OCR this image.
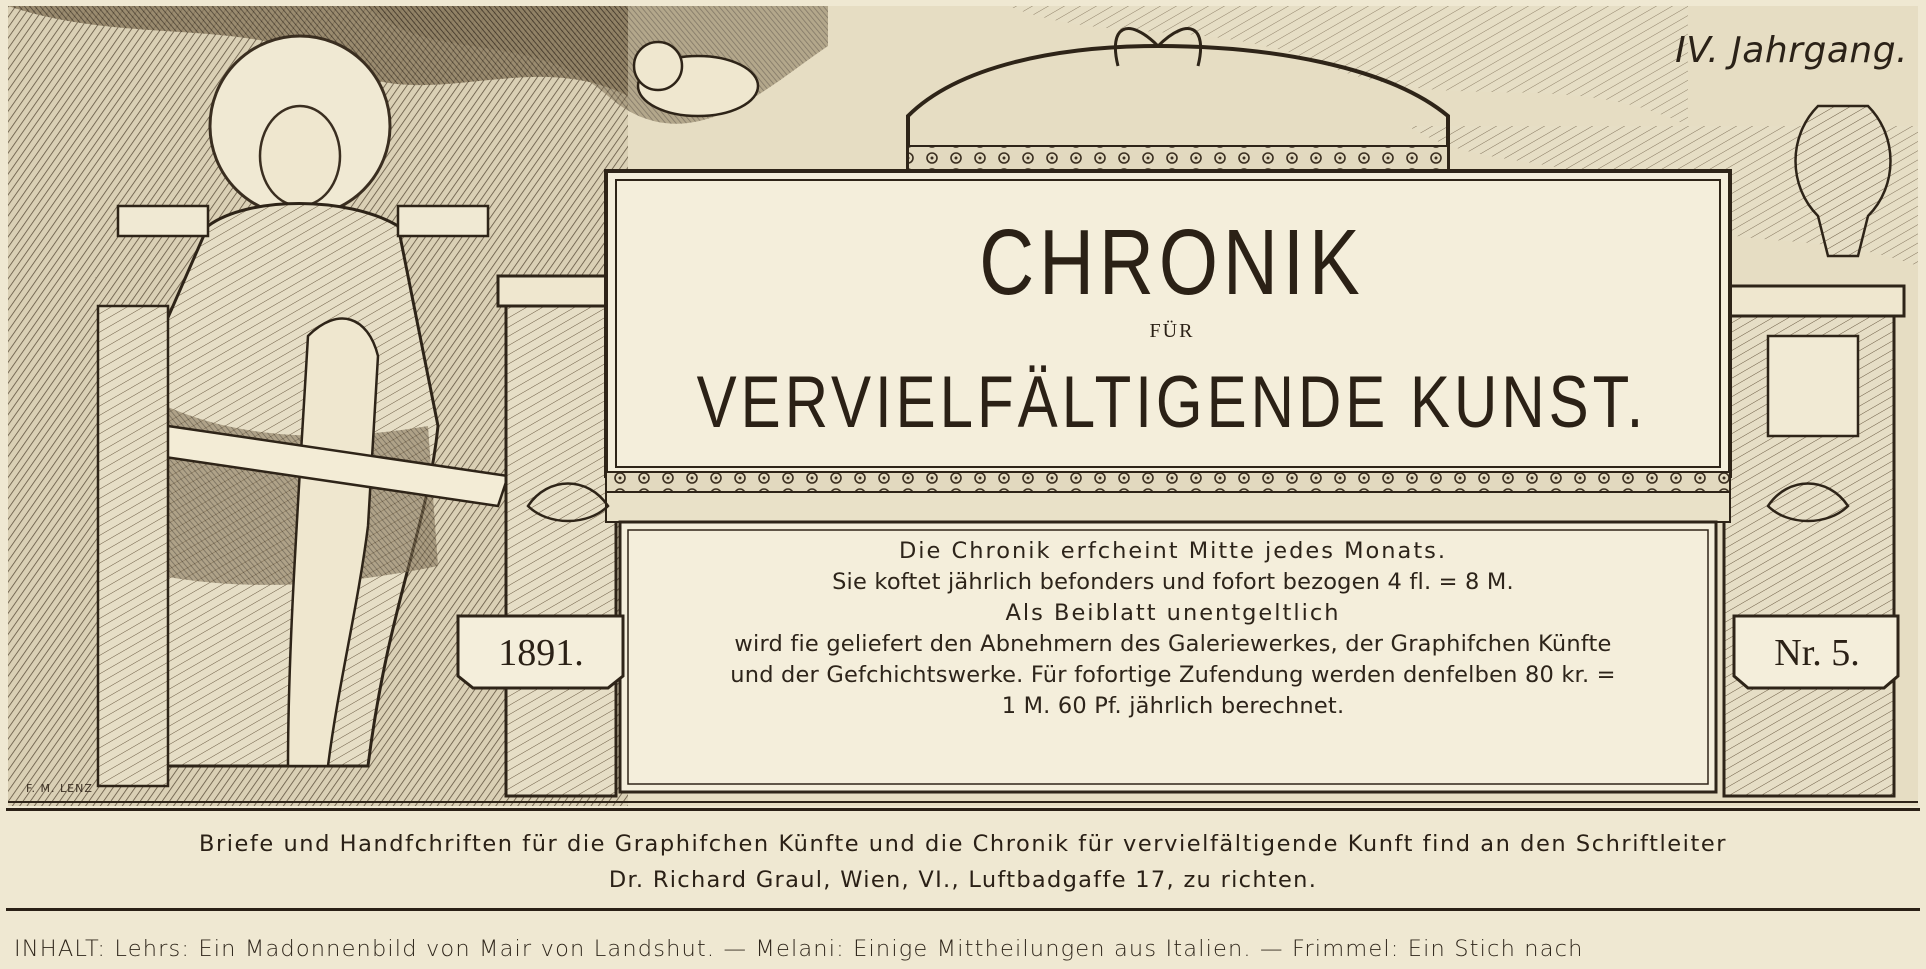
IV. Jahrgang.
CHRONIK
FÜR
VERVIELFÄLTIGENDE KUNST.
1891.	Nr. 5.
Die Chronik erfcheint Mitte jedes Monats.
Sie koftet jährlich befonders und fofort bezogen 4 fl. = 8 M.
Als Beiblatt unentgeltlich
wird fie geliefert den Abnehmern des Galeriewerkes, der Graphifchen Künfte
und der Gefchichtswerke. Für fofortige Zufendung werden denfelben 80 kr. =
1 M. 60 Pf. jährlich berechnet.
F. M. LENZ
Briefe und Handfchriften für die Graphifchen Künfte und die Chronik für vervielfältigende Kunft find an den Schriftleiter
Dr. Richard Graul, Wien, VI., Luftbadgaffe 17, zu richten.
INHALT: Lehrs: Ein Madonnenbild von Mair von Landshut. — Melani: Einige Mittheilungen aus Italien. — Frimmel: Ein Stich nach
